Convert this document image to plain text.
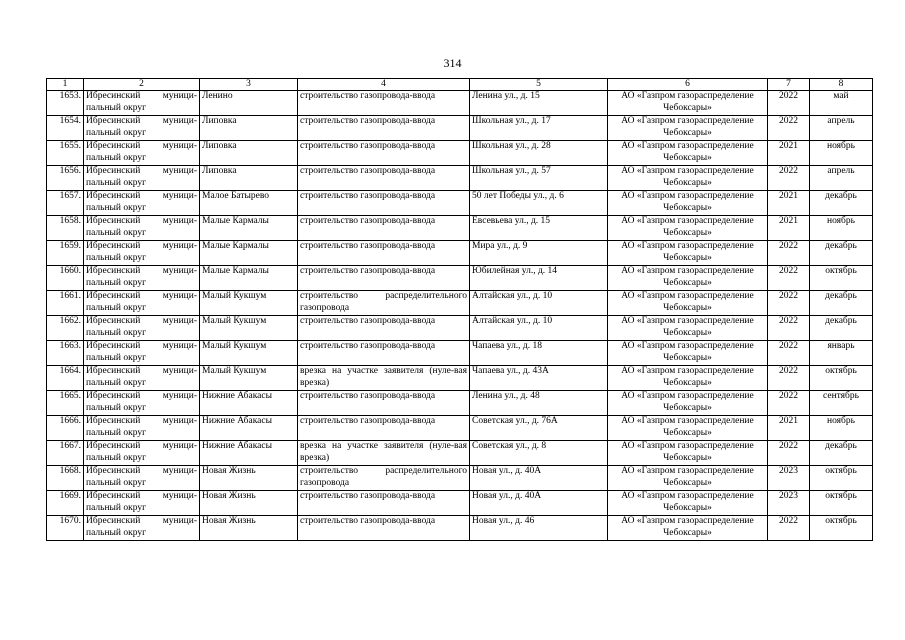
314
1	2	3	4	5	6	7	8
1653.	Ибресинский муници-пальный округ	Ленино	строительство газопровода-ввода	Ленина ул., д. 15	АО «Газпром газораспределение Чебоксары»	2022	май
1654.	Ибресинский муници-пальный округ	Липовка	строительство газопровода-ввода	Школьная ул., д. 17	АО «Газпром газораспределение Чебоксары»	2022	апрель
1655.	Ибресинский муници-пальный округ	Липовка	строительство газопровода-ввода	Школьная ул., д. 28	АО «Газпром газораспределение Чебоксары»	2021	ноябрь
1656.	Ибресинский муници-пальный округ	Липовка	строительство газопровода-ввода	Школьная ул., д. 57	АО «Газпром газораспределение Чебоксары»	2022	апрель
1657.	Ибресинский муници-пальный округ	Малое Батырево	строительство газопровода-ввода	50 лет Победы ул., д. 6	АО «Газпром газораспределение Чебоксары»	2021	декабрь
1658.	Ибресинский муници-пальный округ	Малые Кармалы	строительство газопровода-ввода	Евсевьева ул., д. 15	АО «Газпром газораспределение Чебоксары»	2021	ноябрь
1659.	Ибресинский муници-пальный округ	Малые Кармалы	строительство газопровода-ввода	Мира ул., д. 9	АО «Газпром газораспределение Чебоксары»	2022	декабрь
1660.	Ибресинский муници-пальный округ	Малые Кармалы	строительство газопровода-ввода	Юбилейная ул., д. 14	АО «Газпром газораспределение Чебоксары»	2022	октябрь
1661.	Ибресинский муници-пальный округ	Малый Кукшум	строительство распределительного газопровода	Алтайская ул., д. 10	АО «Газпром газораспределение Чебоксары»	2022	декабрь
1662.	Ибресинский муници-пальный округ	Малый Кукшум	строительство газопровода-ввода	Алтайская ул., д. 10	АО «Газпром газораспределение Чебоксары»	2022	декабрь
1663.	Ибресинский муници-пальный округ	Малый Кукшум	строительство газопровода-ввода	Чапаева ул., д. 18	АО «Газпром газораспределение Чебоксары»	2022	январь
1664.	Ибресинский муници-пальный округ	Малый Кукшум	врезка на участке заявителя (нуле-вая врезка)	Чапаева ул., д. 43А	АО «Газпром газораспределение Чебоксары»	2022	октябрь
1665.	Ибресинский муници-пальный округ	Нижние Абакасы	строительство газопровода-ввода	Ленина ул., д. 48	АО «Газпром газораспределение Чебоксары»	2022	сентябрь
1666.	Ибресинский муници-пальный округ	Нижние Абакасы	строительство газопровода-ввода	Советская ул., д. 76А	АО «Газпром газораспределение Чебоксары»	2021	ноябрь
1667.	Ибресинский муници-пальный округ	Нижние Абакасы	врезка на участке заявителя (нуле-вая врезка)	Советская ул., д. 8	АО «Газпром газораспределение Чебоксары»	2022	декабрь
1668.	Ибресинский муници-пальный округ	Новая Жизнь	строительство распределительного газопровода	Новая ул., д. 40А	АО «Газпром газораспределение Чебоксары»	2023	октябрь
1669.	Ибресинский муници-пальный округ	Новая Жизнь	строительство газопровода-ввода	Новая ул., д. 40А	АО «Газпром газораспределение Чебоксары»	2023	октябрь
1670.	Ибресинский муници-пальный округ	Новая Жизнь	строительство газопровода-ввода	Новая ул., д. 46	АО «Газпром газораспределение Чебоксары»	2022	октябрь
